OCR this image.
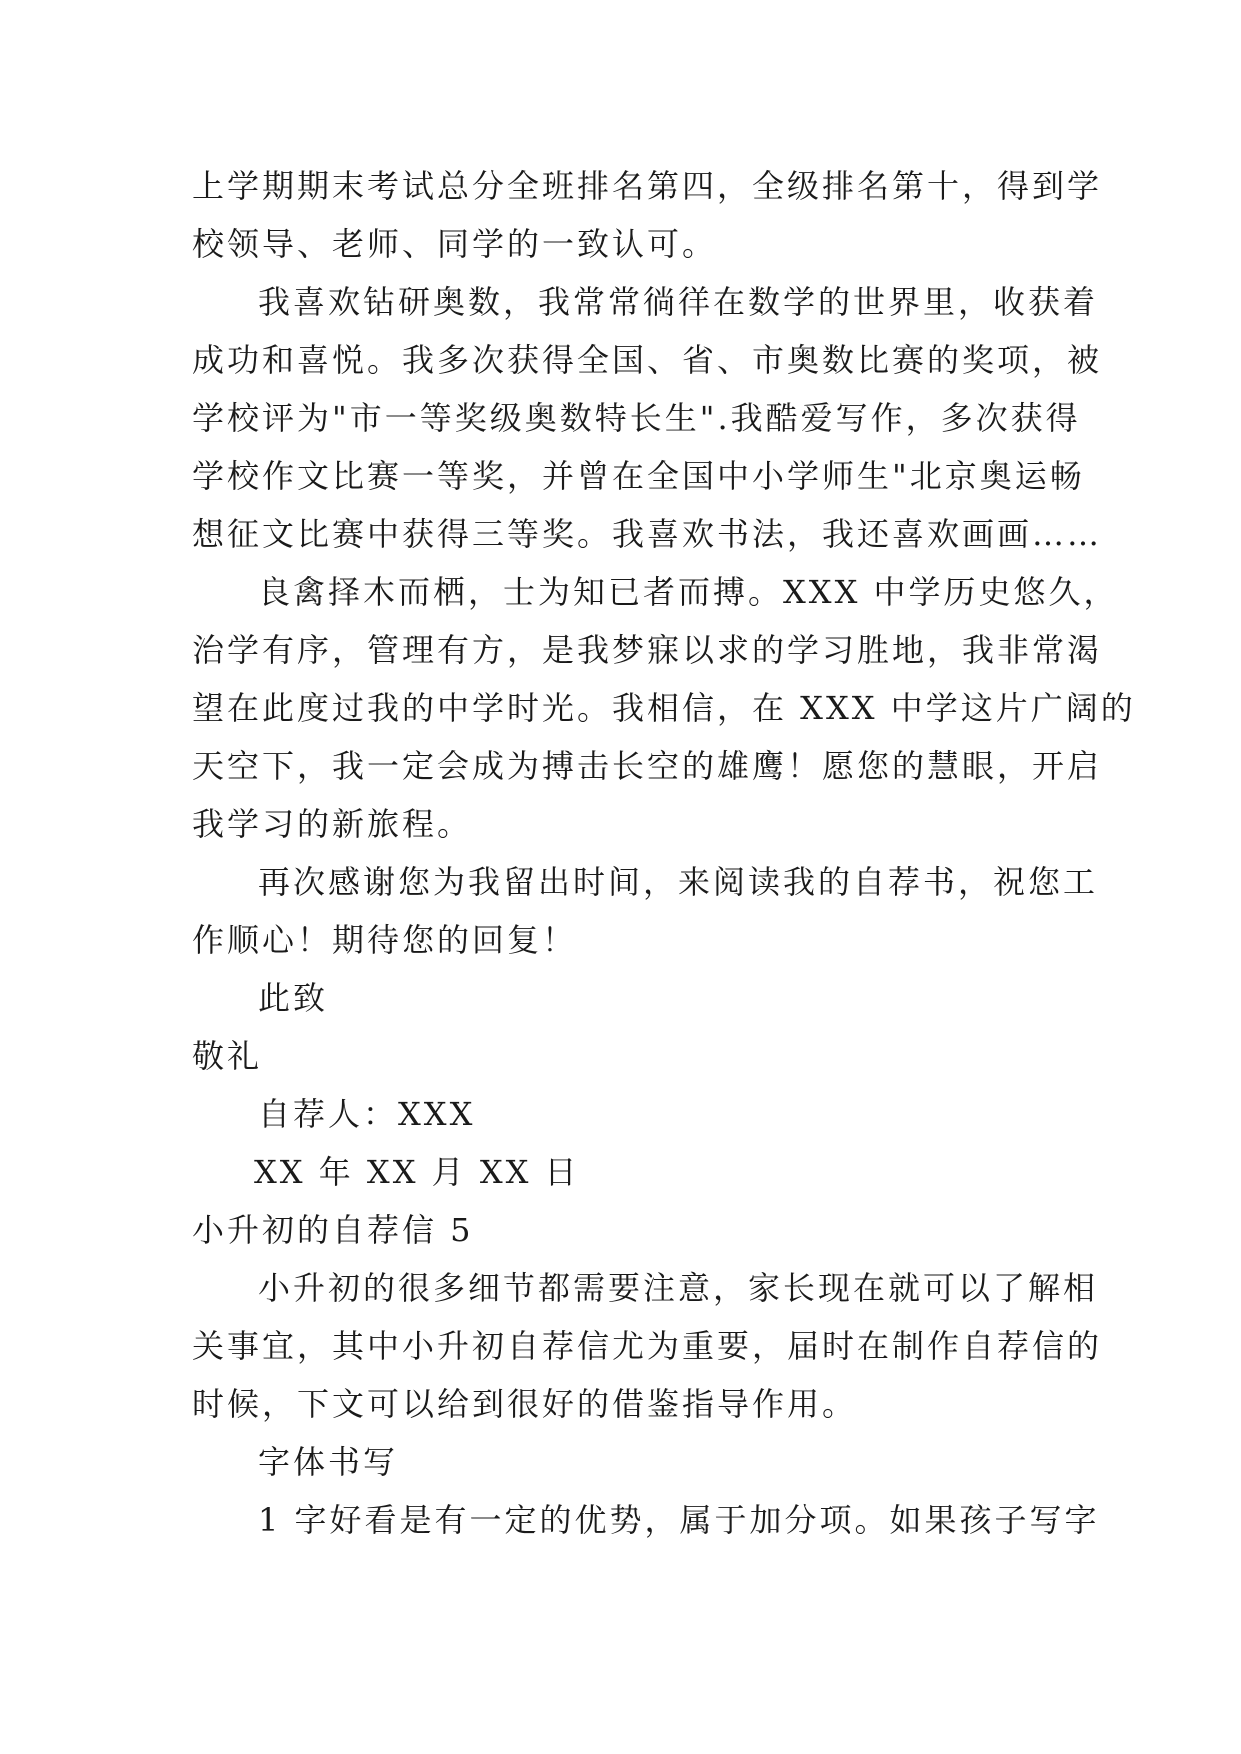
上学期期末考试总分全班排名第四，全级排名第十，得到学
校领导、老师、同学的一致认可。
我喜欢钻研奥数，我常常徜徉在数学的世界里，收获着
成功和喜悦。我多次获得全国、省、市奥数比赛的奖项，被
学校评为"市一等奖级奥数特长生".我酷爱写作，多次获得
学校作文比赛一等奖，并曾在全国中小学师生"北京奥运畅
想征文比赛中获得三等奖。我喜欢书法，我还喜欢画画……
良禽择木而栖，士为知已者而搏。XXX 中学历史悠久，
治学有序，管理有方，是我梦寐以求的学习胜地，我非常渴
望在此度过我的中学时光。我相信，在 XXX 中学这片广阔的
天空下，我一定会成为搏击长空的雄鹰！愿您的慧眼，开启
我学习的新旅程。
再次感谢您为我留出时间，来阅读我的自荐书，祝您工
作顺心！期待您的回复！
此致
敬礼
自荐人：XXX
XX 年 XX 月 XX 日
小升初的自荐信 5
小升初的很多细节都需要注意，家长现在就可以了解相
关事宜，其中小升初自荐信尤为重要，届时在制作自荐信的
时候，下文可以给到很好的借鉴指导作用。
字体书写
1 字好看是有一定的优势，属于加分项。如果孩子写字
